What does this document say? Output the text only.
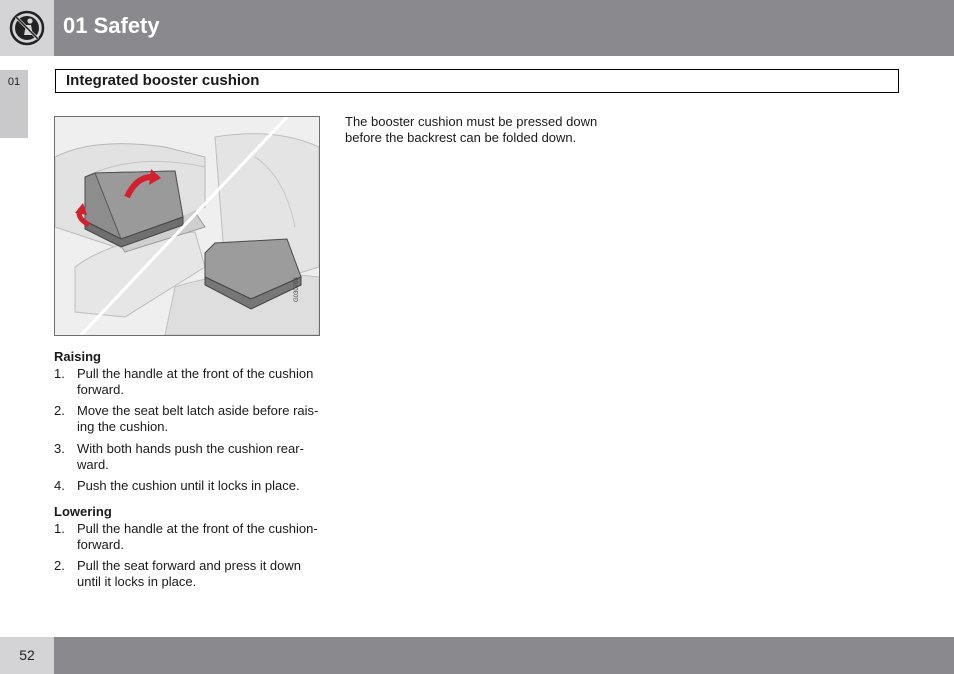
01 Safety
01	Integrated booster cushion
G030708
The booster cushion must be pressed down before the backrest can be folded down.
Raising
1. Pull the handle at the front of the cushion forward.
2. Move the seat belt latch aside before rais-ing the cushion.
3. With both hands push the cushion rear-ward.
4. Push the cushion until it locks in place.
Lowering
1. Pull the handle at the front of the cushion-forward.
2. Pull the seat forward and press it down until it locks in place.
52
